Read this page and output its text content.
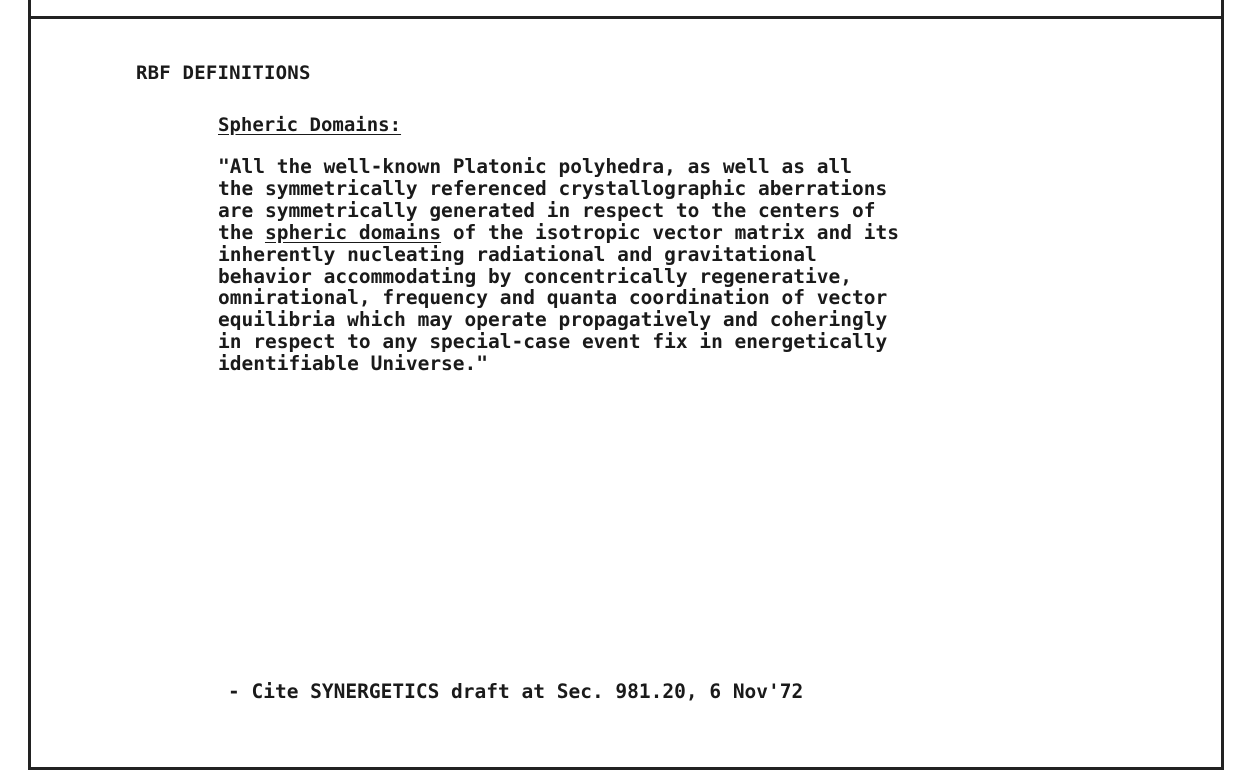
RBF DEFINITIONS
Spheric Domains:
"All the well-known Platonic polyhedra, as well as all
the symmetrically referenced crystallographic aberrations
are symmetrically generated in respect to the centers of
the spheric domains of the isotropic vector matrix and its
inherently nucleating radiational and gravitational
behavior accommodating by concentrically regenerative,
omnirational, frequency and quanta coordination of vector
equilibria which may operate propagatively and coheringly
in respect to any special-case event fix in energetically
identifiable Universe."
- Cite SYNERGETICS draft at Sec. 981.20, 6 Nov'72
